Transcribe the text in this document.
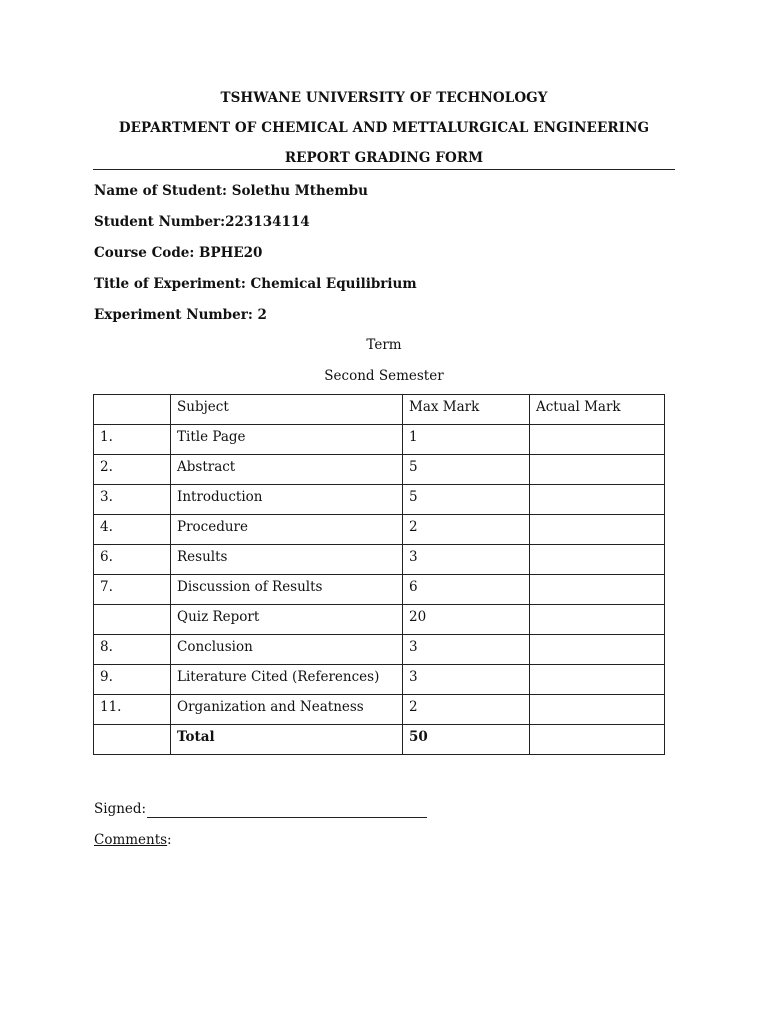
TSHWANE UNIVERSITY OF TECHNOLOGY
DEPARTMENT OF CHEMICAL AND METTALURGICAL ENGINEERING
REPORT GRADING FORM
Name of Student: Solethu Mthembu
Student Number:223134114
Course Code: BPHE20
Title of Experiment: Chemical Equilibrium
Experiment Number: 2
Term
Second Semester
	Subject	Max Mark	Actual Mark
1.	Title Page	1	
2.	Abstract	5	
3.	Introduction	5	
4.	Procedure	2	
6.	Results	3	
7.	Discussion of Results	6	
	Quiz Report	20	
8.	Conclusion	3	
9.	Literature Cited (References)	3	
11.	Organization and Neatness	2	
	Total	50	
Signed:
Comments :
